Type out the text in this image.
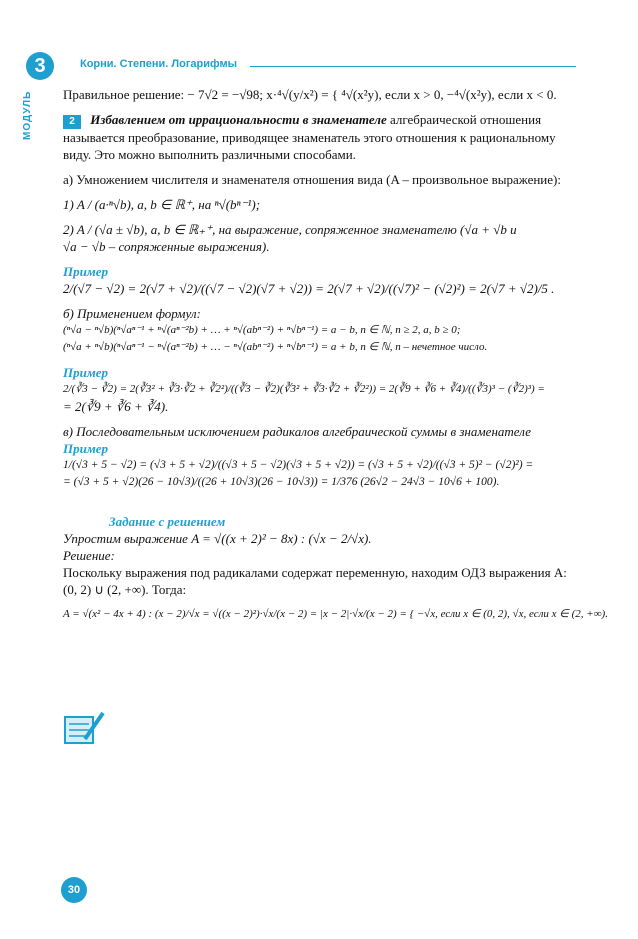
3	Корни. Степени. Логарифмы
МОДУЛЬ Правильное решение: − 7√2 = −√98; x·⁴√(y/x²) = { ⁴√(x²y), если x > 0, −⁴√(x²y), если x < 0.
2 Избавлением от иррациональности в знаменателе алгебраической отношения называется преобразование, приводящее знаменатель этого отношения к рациональному виду. Это можно выполнить различными способами.
а) Умножением числителя и знаменателя отношения вида (A – произвольное выражение):
1) A / (a·ⁿ√b), a, b ∈ ℝ⁺, на ⁿ√(bⁿ⁻¹);
2) A / (√a ± √b), a, b ∈ ℝ₊⁺, на выражение, сопряженное знаменателю (√a + √b и
√a − √b – сопряженные выражения).
Пример
2/(√7 − √2) = 2(√7 + √2)/((√7 − √2)(√7 + √2)) = 2(√7 + √2)/((√7)² − (√2)²) = 2(√7 + √2)/5 .
б) Применением формул:
(ⁿ√a − ⁿ√b)(ⁿ√aⁿ⁻¹ + ⁿ√(aⁿ⁻²b) + … + ⁿ√(abⁿ⁻²) + ⁿ√bⁿ⁻¹) = a − b, n ∈ ℕ, n ≥ 2, a, b ≥ 0;
(ⁿ√a + ⁿ√b)(ⁿ√aⁿ⁻¹ − ⁿ√(aⁿ⁻²b) + … − ⁿ√(abⁿ⁻²) + ⁿ√bⁿ⁻¹) = a + b, n ∈ ℕ, n – нечетное число.
Пример
2/(∛3 − ∛2) = 2(∛3² + ∛3·∛2 + ∛2²)/((∛3 − ∛2)(∛3² + ∛3·∛2 + ∛2²)) = 2(∛9 + ∛6 + ∛4)/((∛3)³ − (∛2)³) =
= 2(∛9 + ∛6 + ∛4).
в) Последовательным исключением радикалов алгебраической суммы в знаменателе
Пример
1/(√3 + 5 − √2) = (√3 + 5 + √2)/((√3 + 5 − √2)(√3 + 5 + √2)) = (√3 + 5 + √2)/((√3 + 5)² − (√2)²) =
= (√3 + 5 + √2)(26 − 10√3)/((26 + 10√3)(26 − 10√3)) = 1/376 (26√2 − 24√3 − 10√6 + 100).
Задание с решением
Упростим выражение A = √((x + 2)² − 8x) : (√x − 2/√x).
Решение:
Поскольку выражения под радикалами содержат переменную, находим ОДЗ выражения A: (0, 2) ∪ (2, +∞). Тогда:
A = √(x² − 4x + 4) : (x − 2)/√x = √((x − 2)²)·√x/(x − 2) = |x − 2|·√x/(x − 2) = { −√x, если x ∈ (0, 2), √x, если x ∈ (2, +∞).
30
